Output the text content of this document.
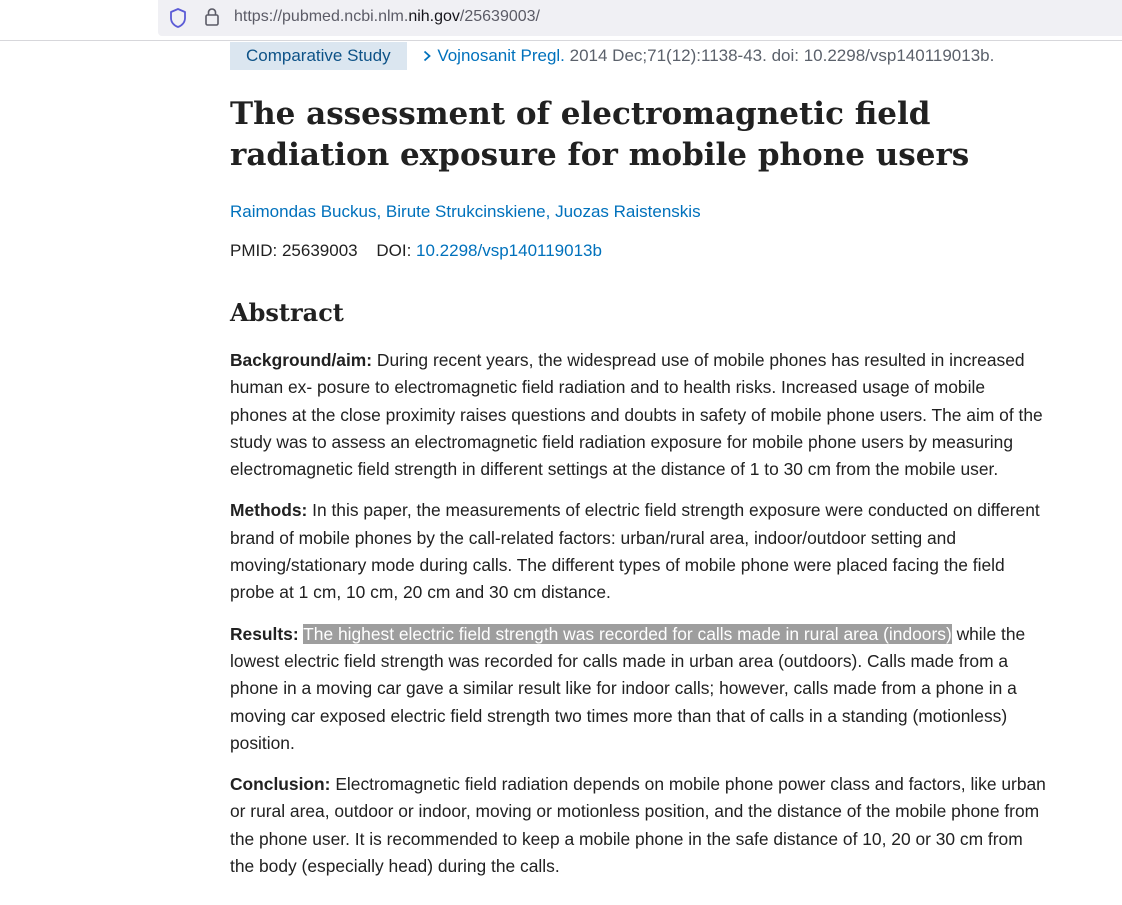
https://pubmed.ncbi.nlm.nih.gov/25639003/
Comparative Study	Vojnosanit Pregl. 2014 Dec;71(12):1138-43. doi: 10.2298/vsp140119013b.
The assessment of electromagnetic field radiation exposure for mobile phone users
Raimondas Buckus, Birute Strukcinskiene, Juozas Raistenskis
PMID: 25639003 DOI: 10.2298/vsp140119013b
Abstract

Background/aim: During recent years, the widespread use of mobile phones has resulted in increased human ex- posure to electromagnetic field radiation and to health risks. Increased usage of mobile phones at the close proximity raises questions and doubts in safety of mobile phone users. The aim of the study was to assess an electromagnetic field radiation exposure for mobile phone users by measuring electromagnetic field strength in different settings at the distance of 1 to 30 cm from the mobile user.

Methods: In this paper, the measurements of electric field strength exposure were conducted on different brand of mobile phones by the call-related factors: urban/rural area, indoor/outdoor setting and moving/stationary mode during calls. The different types of mobile phone were placed facing the field probe at 1 cm, 10 cm, 20 cm and 30 cm distance.

Results: The highest electric field strength was recorded for calls made in rural area (indoors) while the lowest electric field strength was recorded for calls made in urban area (outdoors). Calls made from a phone in a moving car gave a similar result like for indoor calls; however, calls made from a phone in a moving car exposed electric field strength two times more than that of calls in a standing (motionless) position.

Conclusion: Electromagnetic field radiation depends on mobile phone power class and factors, like urban or rural area, outdoor or indoor, moving or motionless position, and the distance of the mobile phone from the phone user. It is recommended to keep a mobile phone in the safe distance of 10, 20 or 30 cm from the body (especially head) during the calls.
